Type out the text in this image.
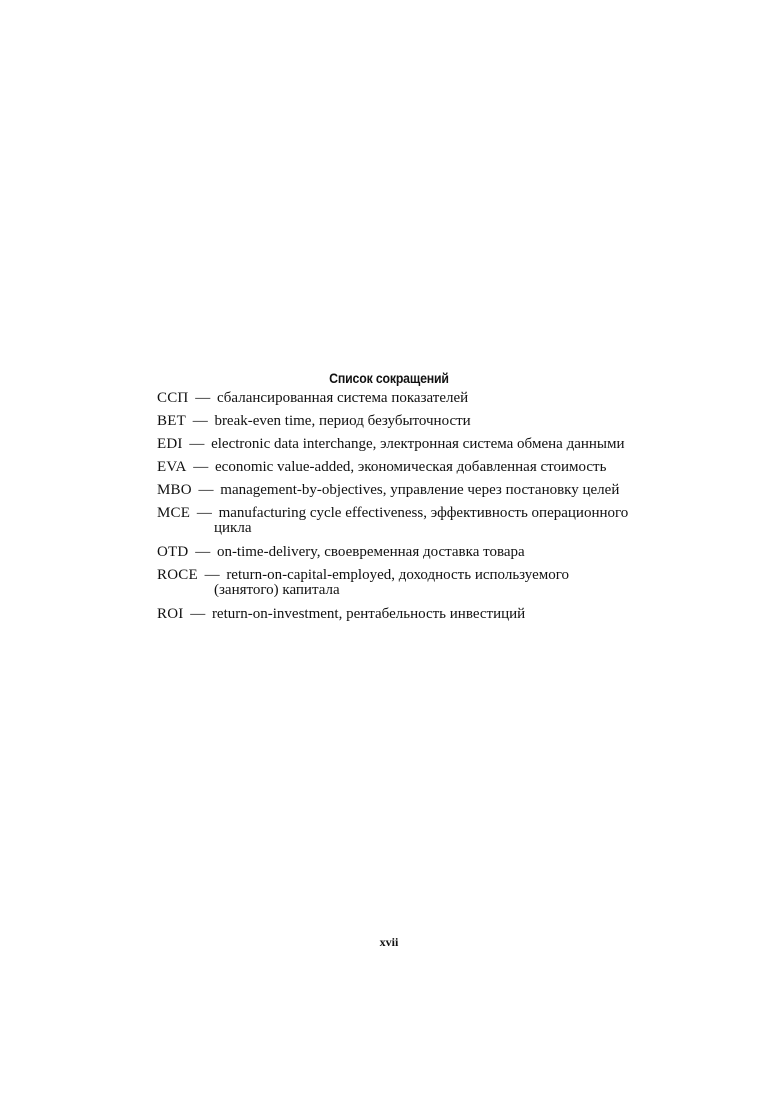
Список сокращений
ССП — сбалансированная система показателей
BET — break-even time, период безубыточности
EDI — electronic data interchange, электронная система обмена данными
EVA — economic value-added, экономическая добавленная стоимость
MBO — management-by-objectives, управление через постановку целей
MCE — manufacturing cycle effectiveness, эффективность операционного цикла
OTD — on-time-delivery, своевременная доставка товара
ROCE — return-on-capital-employed, доходность используемого (занятого) капитала
ROI — return-on-investment, рентабельность инвестиций
xvii
